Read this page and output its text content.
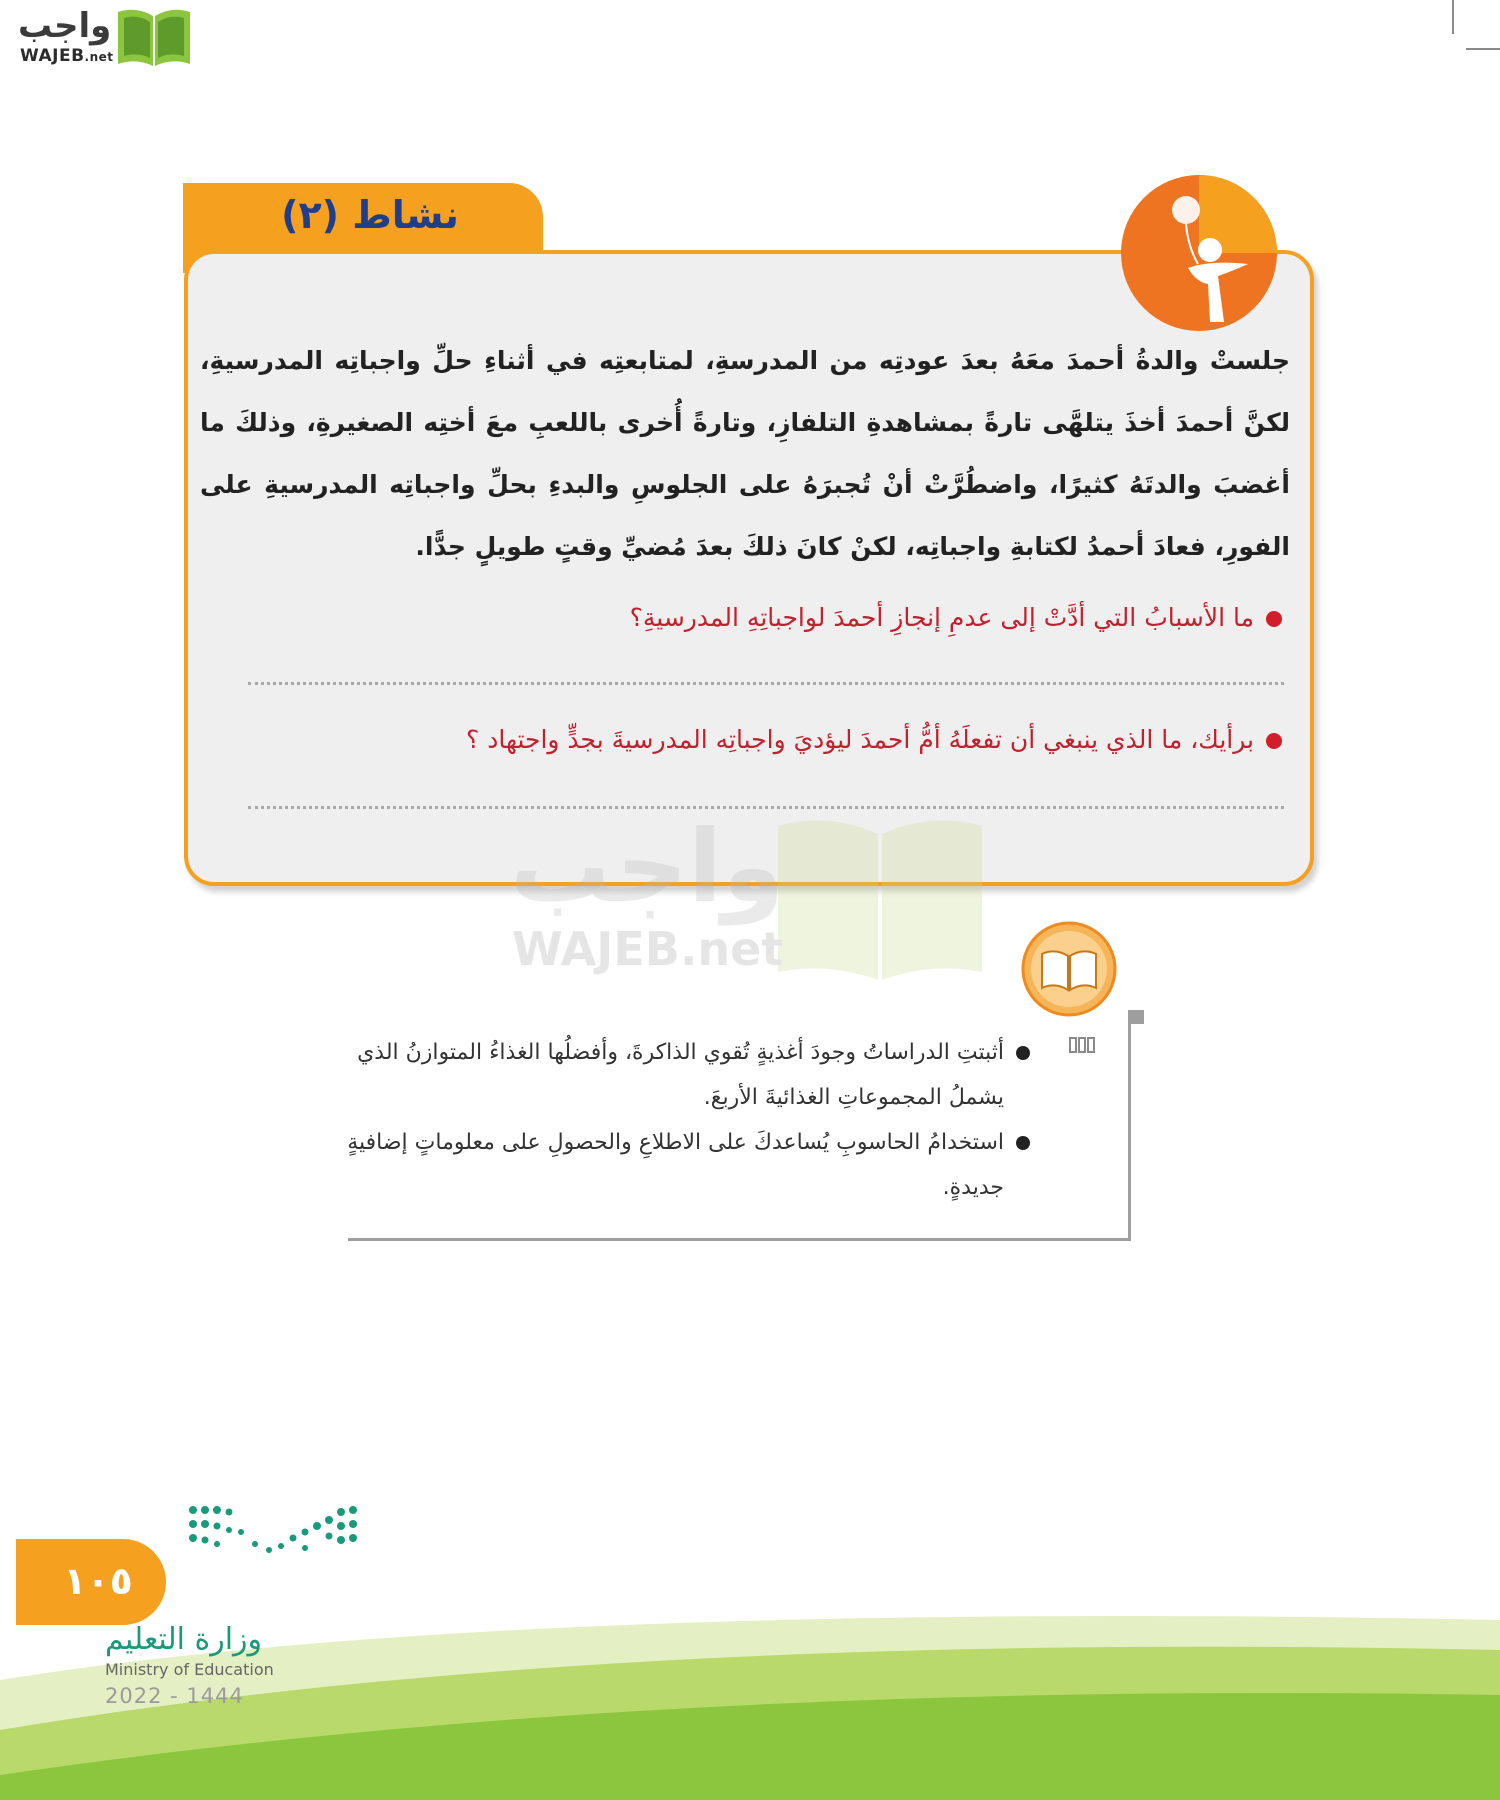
واجب
WAJEB.net
نشاط (٢)
جلستْ والدةُ أحمدَ معَهُ بعدَ عودتِه من المدرسةِ، لمتابعتِه في أثناءِ حلِّ واجباتِه المدرسيةِ، لكنَّ أحمدَ أخذَ يتلهَّى تارةً بمشاهدةِ التلفازِ، وتارةً أُخرى باللعبِ معَ أختِه الصغيرةِ، وذلكَ ما أغضبَ والدتَهُ كثيرًا، واضطُرَّتْ أنْ تُجبرَهُ على الجلوسِ والبدءِ بحلِّ واجباتِه المدرسيةِ على الفورِ، فعادَ أحمدُ لكتابةِ واجباتِه، لكنْ كانَ ذلكَ بعدَ مُضيِّ وقتٍ طويلٍ جدًّا.
ما الأسبابُ التي أدَّتْ إلى عدمِ إنجازِ أحمدَ لواجباتِهِ المدرسيةِ؟
برأيك، ما الذي ينبغي أن تفعلَهُ أمُّ أحمدَ ليؤديَ واجباتِه المدرسيةَ بجدٍّ واجتهاد ؟
واجب
WAJEB.net
أثبتتِ الدراساتُ وجودَ أغذيةٍ تُقوي الذاكرةَ، وأفضلُها الغذاءُ المتوازنُ الذي يشملُ المجموعاتِ الغذائيةَ الأربعَ.
استخدامُ الحاسوبِ يُساعدكَ على الاطلاعِ والحصولِ على معلوماتٍ إضافيةٍ جديدةٍ.
١٠٥
وزارة التعليم
Ministry of Education
2022 - 1444
